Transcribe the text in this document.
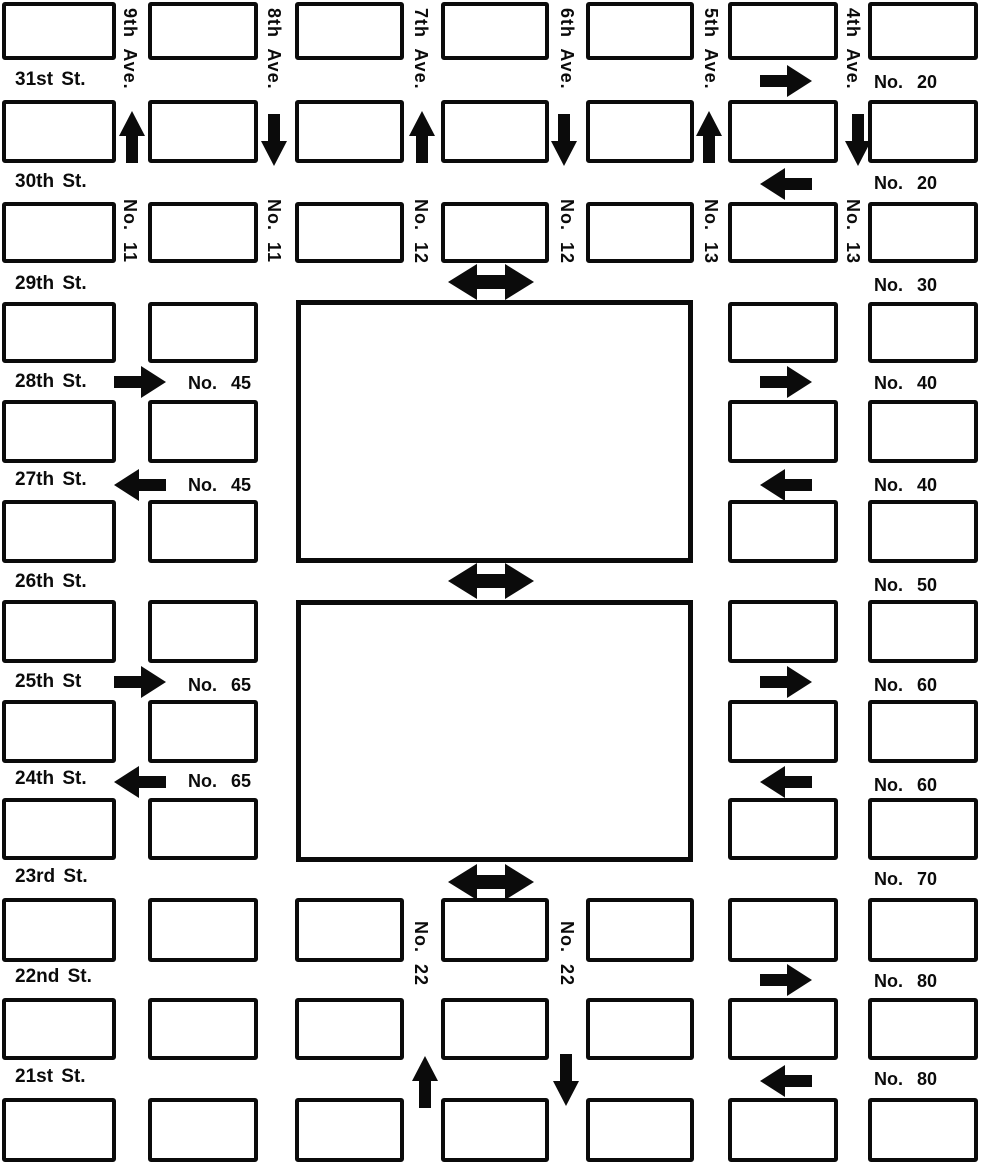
31st St.
30th St.
29th St.
28th St.
27th St.
26th St.
25th St
24th St.
23rd St.
22nd St.
21st St.
9th Ave.	8th Ave.	7th Ave.	6th Ave.	5th Ave.	4th Ave.
No. 11	No. 11	No. 12	No. 12	No. 13	No. 13
No. 22	No. 22
No. 45
No. 45
No. 65
No. 65
No. 20
No. 20
No. 30
No. 40
No. 40
No. 50
No. 60
No. 60
No. 70
No. 80
No. 80
